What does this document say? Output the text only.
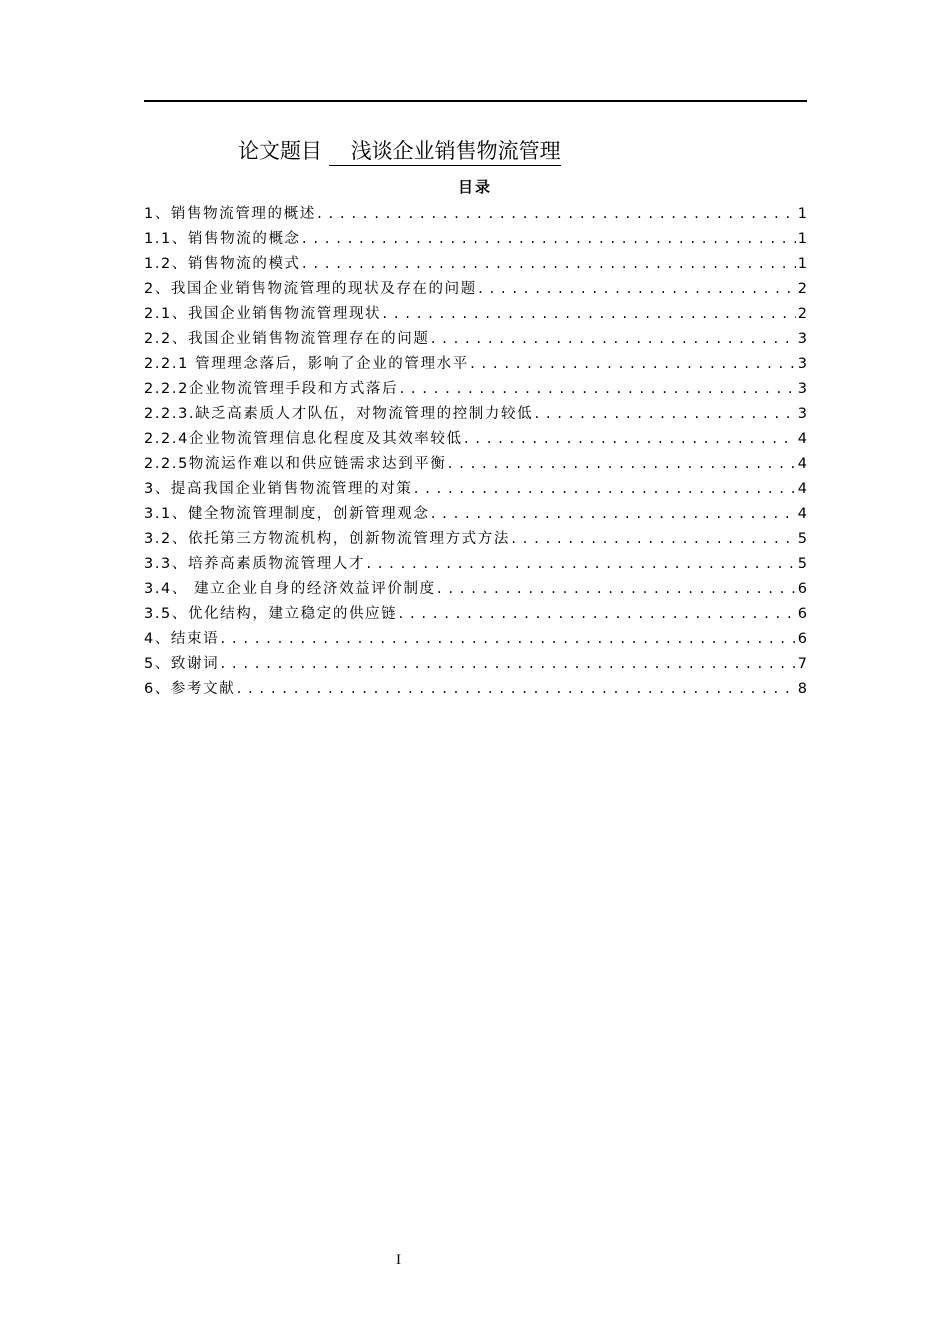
论文题目 浅谈企业销售物流管理
目录
1、销售物流管理的概述 .....	1
1.1、销售物流的概念 .....	1
1.2、销售物流的模式 .....	1
2、我国企业销售物流管理的现状及存在的问题 .....	2
2.1、我国企业销售物流管理现状 .....	2
2.2、我国企业销售物流管理存在的问题 .....	3
2.2.1 管理理念落后，影响了企业的管理水平 .....	3
2.2.2企业物流管理手段和方式落后 .....	3
2.2.3.缺乏高素质人才队伍，对物流管理的控制力较低 .....	3
2.2.4企业物流管理信息化程度及其效率较低 .....	4
2.2.5物流运作难以和供应链需求达到平衡 .....	4
3、提高我国企业销售物流管理的对策 .....	4
3.1、健全物流管理制度，创新管理观念 .....	4
3.2、依托第三方物流机构，创新物流管理方式方法 .....	5
3.3、培养高素质物流管理人才 .....	5
3.4、 建立企业自身的经济效益评价制度 .....	6
3.5、优化结构，建立稳定的供应链 .....	6
4、结束语 .....	6
5、致谢词 .....	7
6、参考文献 .....	8
I
